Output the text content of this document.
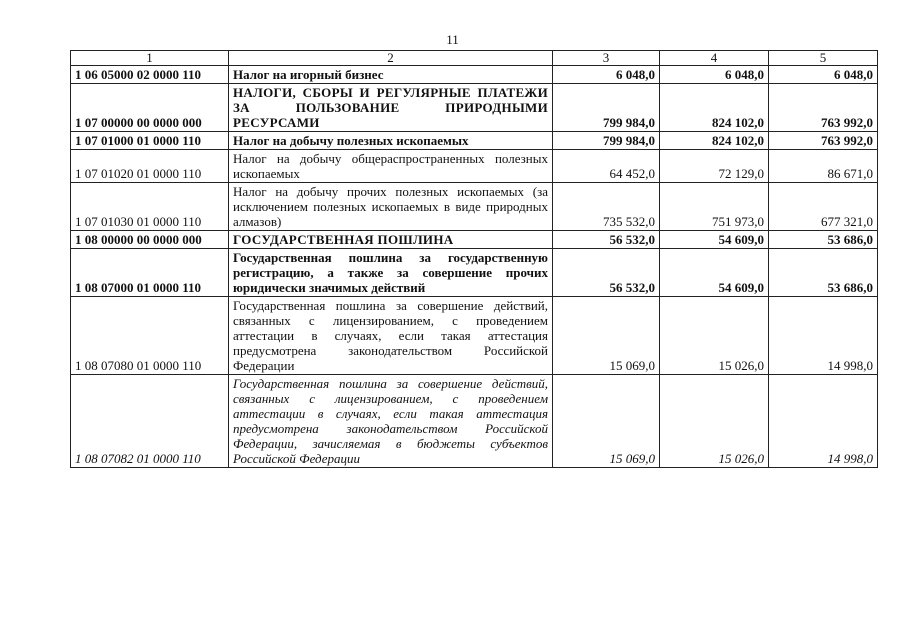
11
1	2	3	4	5
1 06 05000 02 0000 110	Налог на игорный бизнес	6 048,0	6 048,0	6 048,0
1 07 00000 00 0000 000	НАЛОГИ, СБОРЫ И РЕГУЛЯРНЫЕ ПЛАТЕЖИ ЗА ПОЛЬЗОВАНИЕ ПРИРОДНЫМИ РЕСУРСАМИ	799 984,0	824 102,0	763 992,0
1 07 01000 01 0000 110	Налог на добычу полезных ископаемых	799 984,0	824 102,0	763 992,0
1 07 01020 01 0000 110	Налог на добычу общераспространенных полезных ископаемых	64 452,0	72 129,0	86 671,0
1 07 01030 01 0000 110	Налог на добычу прочих полезных ископаемых (за исключением полезных ископаемых в виде природных алмазов)	735 532,0	751 973,0	677 321,0
1 08 00000 00 0000 000	ГОСУДАРСТВЕННАЯ ПОШЛИНА	56 532,0	54 609,0	53 686,0
1 08 07000 01 0000 110	Государственная пошлина за государственную регистрацию, а также за совершение прочих юридически значимых действий	56 532,0	54 609,0	53 686,0
1 08 07080 01 0000 110	Государственная пошлина за совершение действий, связанных с лицензированием, с проведением аттестации в случаях, если такая аттестация предусмотрена законодательством Российской Федерации	15 069,0	15 026,0	14 998,0
1 08 07082 01 0000 110	Государственная пошлина за совершение действий, связанных с лицензированием, с проведением аттестации в случаях, если такая аттестация предусмотрена законодательством Российской Федерации, зачисляемая в бюджеты субъектов Российской Федерации	15 069,0	15 026,0	14 998,0
